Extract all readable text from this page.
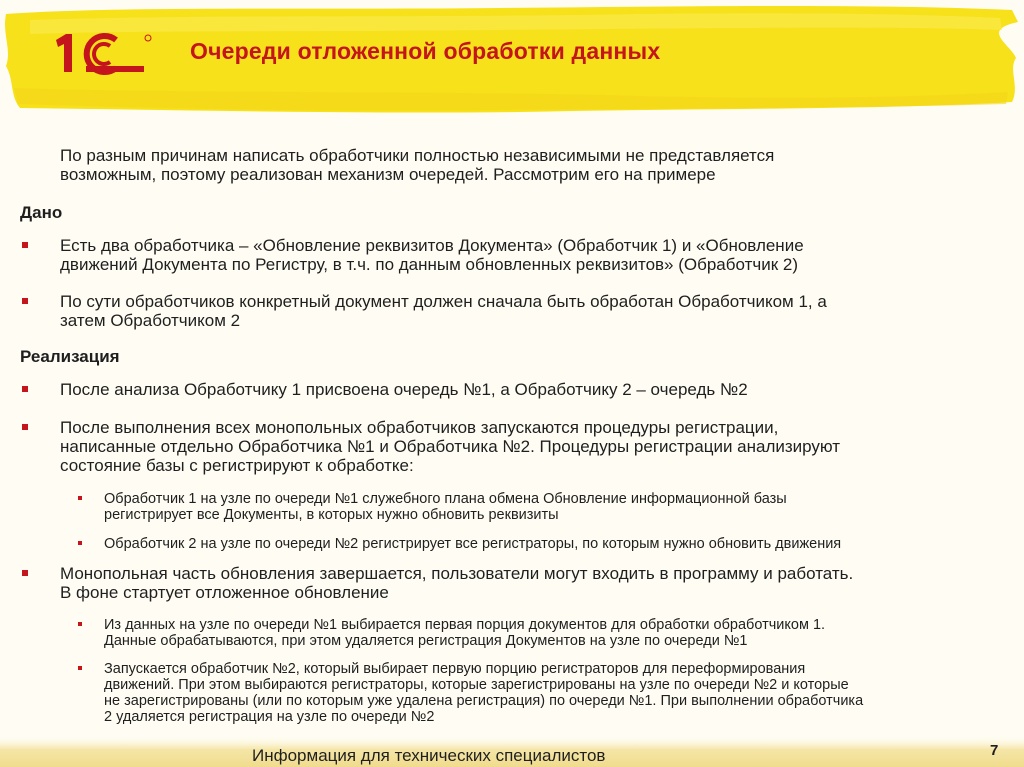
Очереди отложенной обработки данных
По разным причинам написать обработчики полностью независимыми не представляется
возможным, поэтому реализован механизм очередей. Рассмотрим его на примере
Дано
Есть два обработчика – «Обновление реквизитов Документа» (Обработчик 1) и «Обновление
движений Документа по Регистру, в т.ч. по данным обновленных реквизитов» (Обработчик 2)
По сути обработчиков конкретный документ должен сначала быть обработан Обработчиком 1, а
затем Обработчиком 2
Реализация
После анализа Обработчику 1 присвоена очередь №1, а Обработчику 2 – очередь №2
После выполнения всех монопольных обработчиков запускаются процедуры регистрации,
написанные отдельно Обработчика №1 и Обработчика №2. Процедуры регистрации анализируют
состояние базы с регистрируют к обработке:
Обработчик 1 на узле по очереди №1 служебного плана обмена Обновление информационной базы
регистрирует все Документы, в которых нужно обновить реквизиты
Обработчик 2 на узле по очереди №2 регистрирует все регистраторы, по которым нужно обновить движения
Монопольная часть обновления завершается, пользователи могут входить в программу и работать.
В фоне стартует отложенное обновление
Из данных на узле по очереди №1 выбирается первая порция документов для обработки обработчиком 1.
Данные обрабатываются, при этом удаляется регистрация Документов на узле по очереди №1
Запускается обработчик №2, который выбирает первую порцию регистраторов для переформирования
движений. При этом выбираются регистраторы, которые зарегистрированы на узле по очереди №2 и которые
не зарегистрированы (или по которым уже удалена регистрация) по очереди №1. При выполнении обработчика
2 удаляется регистрация на узле по очереди №2
Информация для технических специалистов	7
